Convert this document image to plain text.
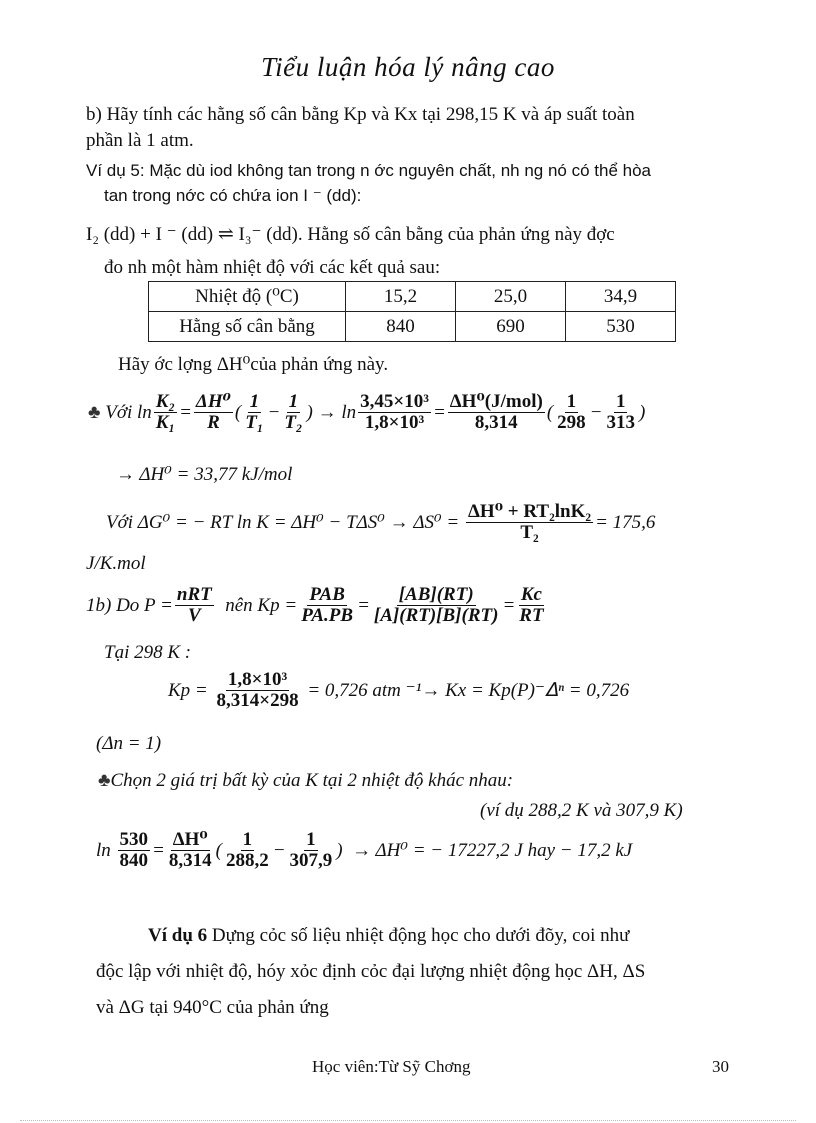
Tiểu luận hóa lý nâng cao
b) Hãy tính các hằng số cân bằng Kp và Kx tại 298,15 K và áp suất toàn
phần là 1 atm.
Ví dụ 5: Mặc dù iod không tan trong n ớc nguyên chất, nh ng nó có thể hòa
tan trong nớc có chứa ion I ⁻ (dd):
I₂ (dd) + I ⁻ (dd) ⇌ I₃⁻ (dd). Hằng số cân bằng của phản ứng này đợc
đo nh một hàm nhiệt độ với các kết quả sau:
Nhiệt độ (⁰C)	15,2	25,0	34,9
Hằng số cân bằng	840	690	530
Hãy ớc lợng ΔH⁰của phản ứng này.
♣
Với $\ln \frac{\text{K₂}}{\text{K₁}} = \frac{\text{ΔH⁰}}{R}$ ( $\frac{1}{\text{T₁}} - \frac{1}{\text{T₂}}$ ) → $\ln \frac{\text{3,45×10³}}{\text{1,8×10³}} = \frac{\text{ΔH⁰(J/mol)}}{8,314}$ ( $\frac{1}{298} - \frac{1}{313}$ )
→ ΔH⁰ = 33,77 kJ/mol
Với ΔG⁰ = − RT ln K = ΔH⁰ − TΔS⁰ → ΔS⁰ =
$\frac{\text{ΔH⁰ + RT₂lnK₂}}{\text{T₂}} = 175,6$
J/K.mol
1b) Do $P = \frac{\text{nRT}}{V}$
nên $Kp = \frac{\text{PAB}}{PA.PB} = \frac{[AB](RT)}{[A](RT)[B](RT)} = \frac{Kc}{RT}$
Tại 298 K :
Kp =
$\frac{\text{1,8×10³}}{8,314\times 298}$
= 0,726 atm ⁻¹→ Kx = Kp(P)⁻ᐃⁿ = 0,726
(Δn = 1)
♣ Chọn 2 giá trị bất kỳ của K tại 2 nhiệt độ khác nhau:
(ví dụ 288,2 K và 307,9 K)
ln
$\frac{530}{840} = \frac{\text{ΔH⁰}}{8,314}$ ( $\frac{1}{288,2} - \frac{1}{307,9}$ )
→ ΔH⁰ = − 17227,2 J hay − 17,2 kJ
Ví dụ 6 Dựng cỏc số liệu nhiệt động học cho dưới đõy, coi như
độc lập với nhiệt độ, hóy xỏc định cỏc đại lượng nhiệt động học ΔH, ΔS
và ΔG tại 940°C của phản ứng
Học viên:Từ Sỹ Chơng	30
